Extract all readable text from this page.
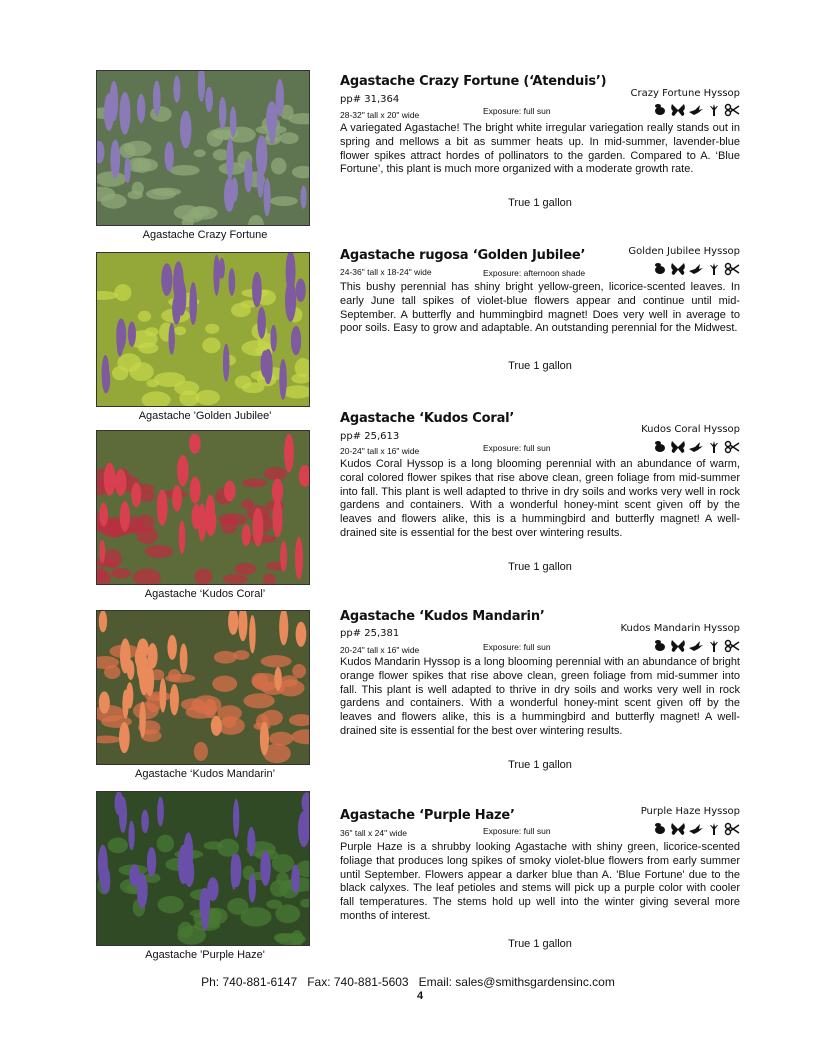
Agastache Crazy Fortune
Agastache Crazy Fortune (‘Atenduis’)
pp# 31,364
Crazy Fortune Hyssop
28-32" tall x 20" wide	Exposure: full sun

A variegated Agastache! The bright white irregular variegation really stands out in spring and mellows a bit as summer heats up. In mid-summer, lavender-blue flower spikes attract hordes of pollinators to the garden. Compared to A. ‘Blue Fortune’, this plant is much more organized with a moderate growth rate.

True 1 gallon
Agastache 'Golden Jubilee'
Agastache rugosa ‘Golden Jubilee’	Golden Jubilee Hyssop
24-36" tall x 18-24" wide	Exposure: afternoon shade

This bushy perennial has shiny bright yellow-green, licorice-scented leaves. In early June tall spikes of violet-blue flowers appear and continue until mid-September. A butterfly and hummingbird magnet! Does very well in average to poor soils. Easy to grow and adaptable. An outstanding perennial for the Midwest.

True 1 gallon
Agastache ‘Kudos Coral’
Agastache ‘Kudos Coral’
pp# 25,613
Kudos Coral Hyssop
20-24" tall x 16" wide	Exposure: full sun

Kudos Coral Hyssop is a long blooming perennial with an abundance of warm, coral colored flower spikes that rise above clean, green foliage from mid-summer into fall. This plant is well adapted to thrive in dry soils and works very well in rock gardens and containers. With a wonderful honey-mint scent given off by the leaves and flowers alike, this is a hummingbird and butterfly magnet! A well-drained site is essential for the best over wintering results.

True 1 gallon
Agastache ‘Kudos Mandarin’
Agastache ‘Kudos Mandarin’
pp# 25,381	Kudos Mandarin Hyssop
20-24" tall x 16" wide	Exposure: full sun

Kudos Mandarin Hyssop is a long blooming perennial with an abundance of bright orange flower spikes that rise above clean, green foliage from mid-summer into fall. This plant is well adapted to thrive in dry soils and works very well in rock gardens and containers. With a wonderful honey-mint scent given off by the leaves and flowers alike, this is a hummingbird and butterfly magnet! A well-drained site is essential for the best over wintering results.

True 1 gallon
Agastache 'Purple Haze'
Agastache ‘Purple Haze’	Purple Haze Hyssop
36" tall x 24" wide	Exposure: full sun

Purple Haze is a shrubby looking Agastache with shiny green, licorice-scented foliage that produces long spikes of smoky violet-blue flowers from early summer until September. Flowers appear a darker blue than A. 'Blue Fortune' due to the black calyxes. The leaf petioles and stems will pick up a purple color with cooler fall temperatures. The stems hold up well into the winter giving several more months of interest.

True 1 gallon
Ph: 740-881-6147   Fax: 740-881-5603   Email: sales@smithsgardensinc.com
4
